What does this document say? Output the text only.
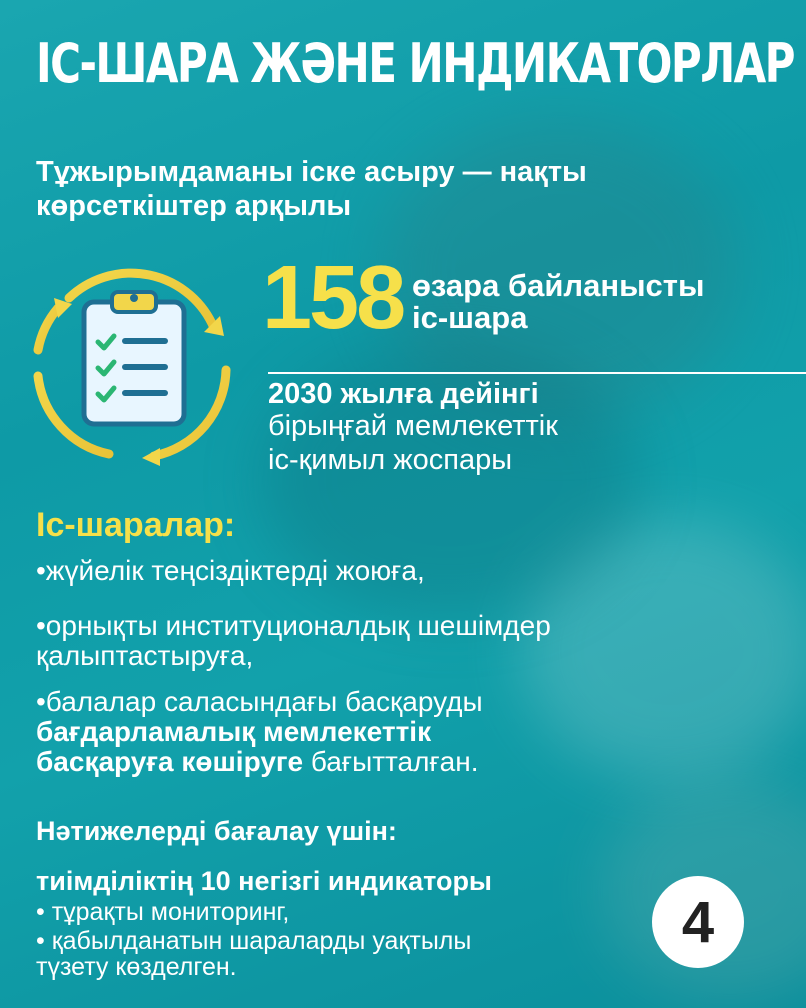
ІС-ШАРА ЖӘНЕ ИНДИКАТОРЛАР
Тұжырымдаманы іске асыру — нақты көрсеткіштер арқылы
158 өзара байланысты
іс-шара
2030 жылға дейінгі
бірыңғай мемлекеттік
іс-қимыл жоспары
Іс-шаралар:
•жүйелік теңсіздіктерді жоюға,
•орнықты институционалдық шешімдер
қалыптастыруға,
•балалар саласындағы басқаруды
бағдарламалық мемлекеттік
басқаруға көшіруге бағытталған.
Нәтижелерді бағалау үшін:
тиімділіктің 10 негізгі индикаторы
• тұрақты мониторинг,
• қабылданатын шараларды уақтылы
түзету көзделген.
4
